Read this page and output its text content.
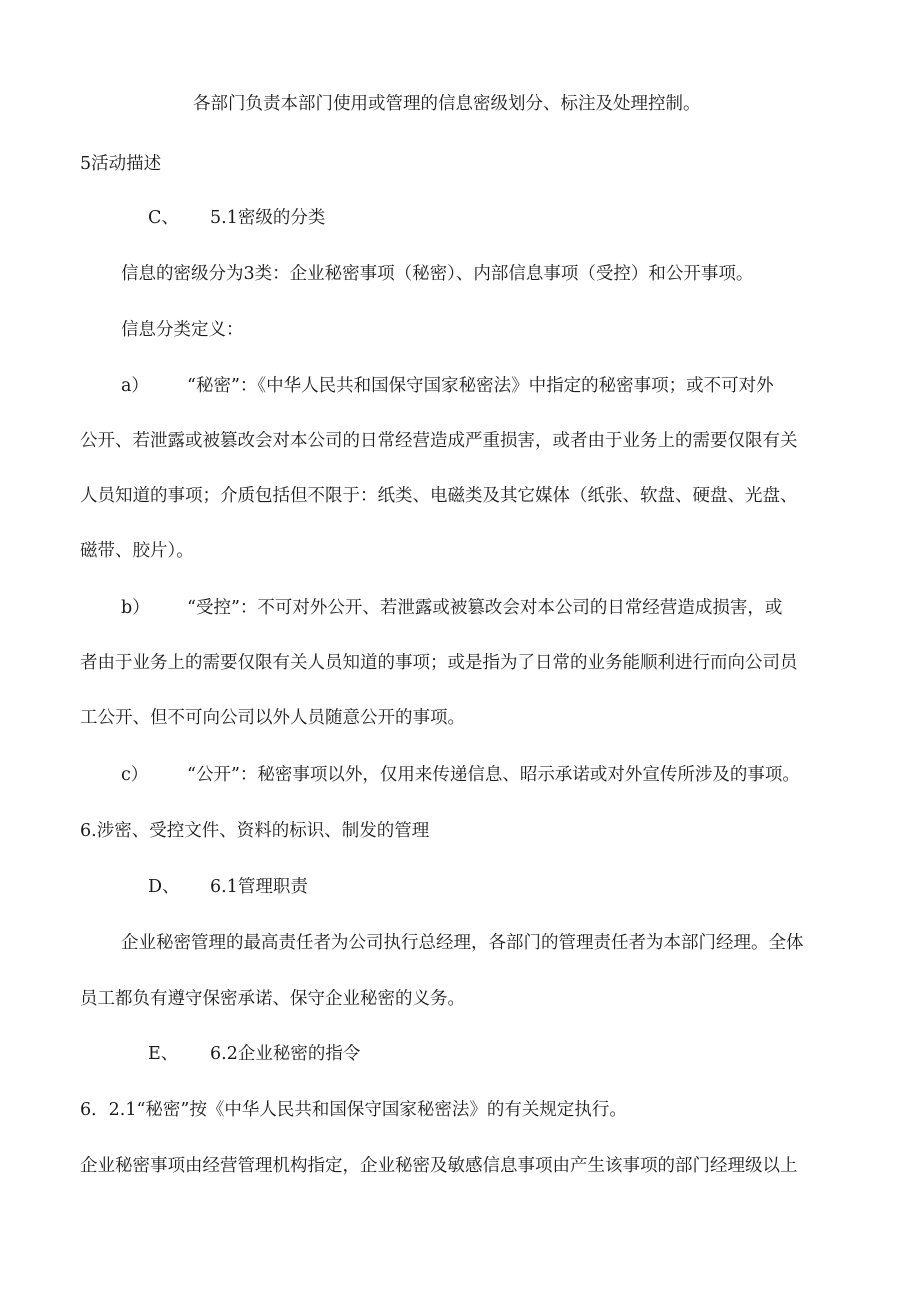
各部门负责本部门使用或管理的信息密级划分、标注及处理控制。
5活动描述
C、 5.1密级的分类
信息的密级分为3类：企业秘密事项（秘密）、内部信息事项（受控）和公开事项。
信息分类定义：
a） “秘密”：《中华人民共和国保守国家秘密法》中指定的秘密事项；或不可对外
公开、若泄露或被篡改会对本公司的日常经营造成严重损害，或者由于业务上的需要仅限有关
人员知道的事项；介质包括但不限于：纸类、电磁类及其它媒体（纸张、软盘、硬盘、光盘、
磁带、胶片）。
b） “受控”：不可对外公开、若泄露或被篡改会对本公司的日常经营造成损害，或
者由于业务上的需要仅限有关人员知道的事项；或是指为了日常的业务能顺利进行而向公司员
工公开、但不可向公司以外人员随意公开的事项。
c） “公开”：秘密事项以外，仅用来传递信息、昭示承诺或对外宣传所涉及的事项。
6.涉密、受控文件、资料的标识、制发的管理
D、 6.1管理职责
企业秘密管理的最高责任者为公司执行总经理，各部门的管理责任者为本部门经理。全体
员工都负有遵守保密承诺、保守企业秘密的义务。
E、 6.2企业秘密的指令
6．2.1“秘密”按《中华人民共和国保守国家秘密法》的有关规定执行。
企业秘密事项由经营管理机构指定，企业秘密及敏感信息事项由产生该事项的部门经理级以上
